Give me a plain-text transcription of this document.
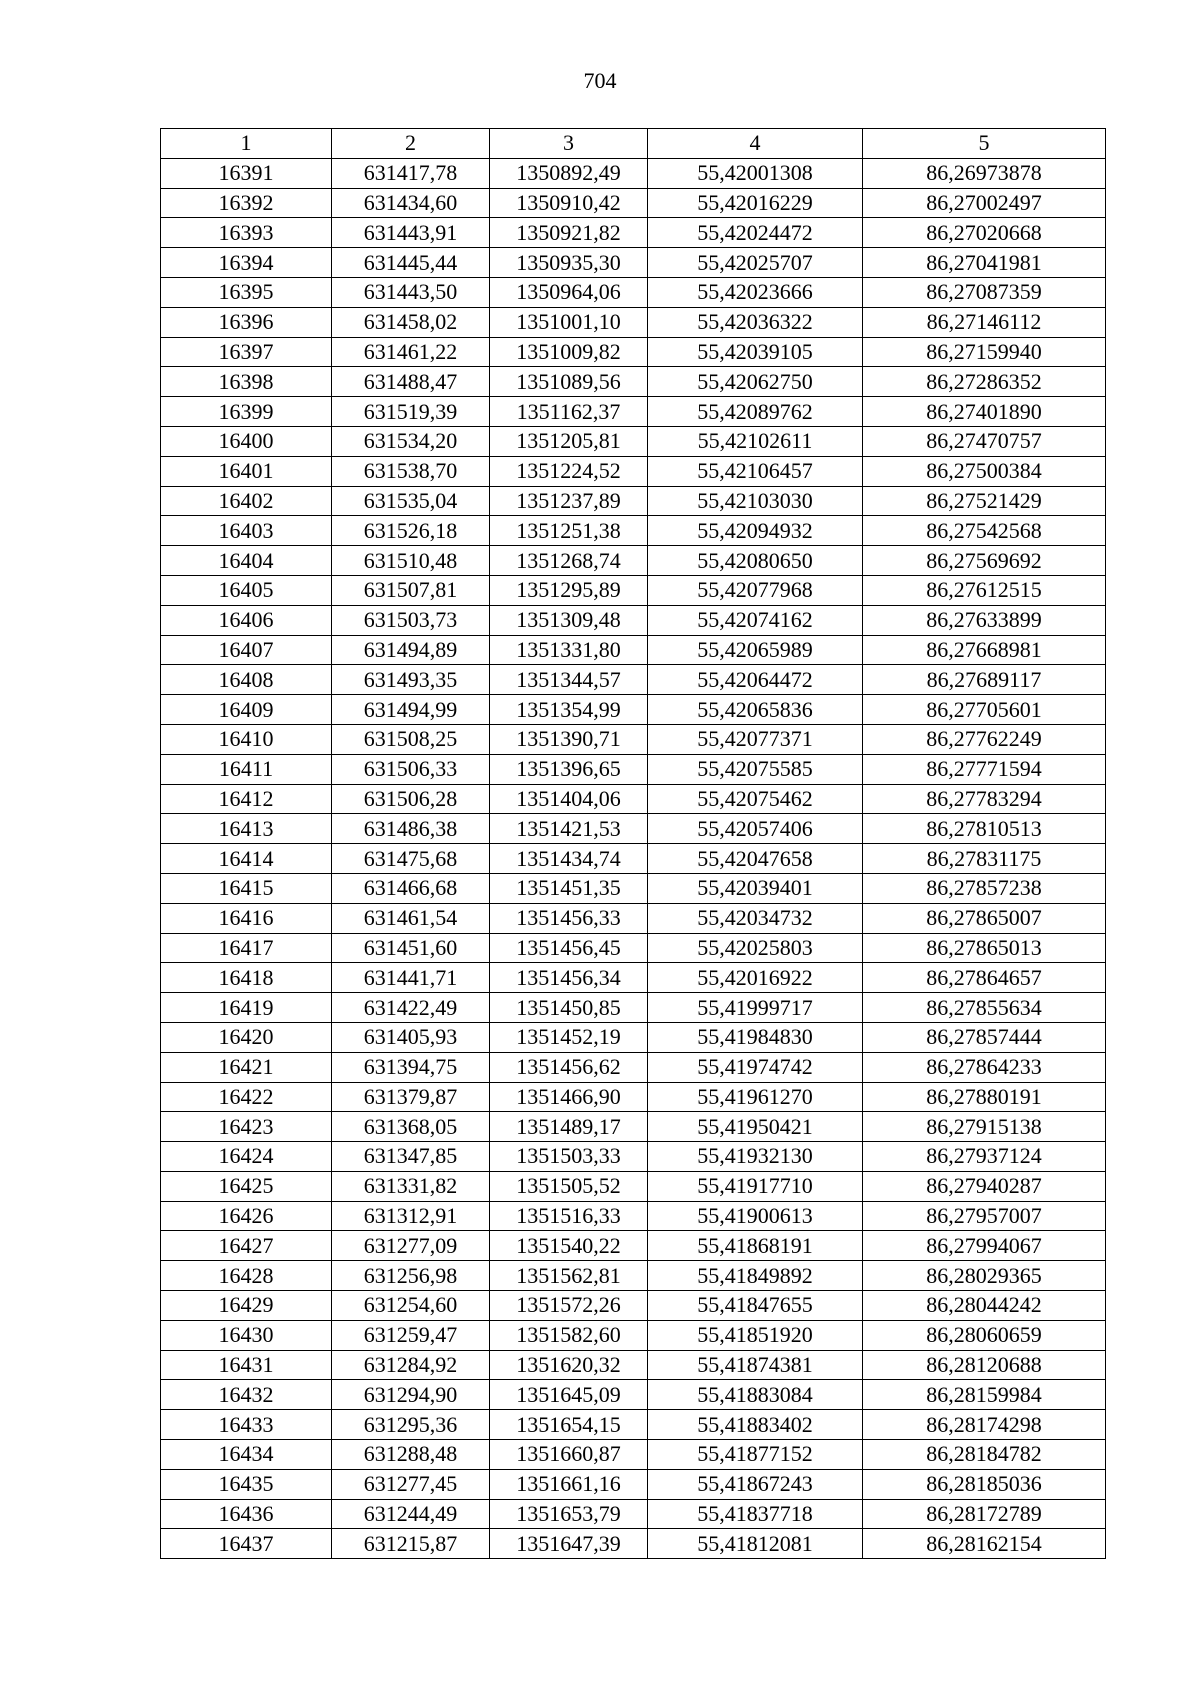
704
1	2	3	4	5
16391	631417,78	1350892,49	55,42001308	86,26973878
16392	631434,60	1350910,42	55,42016229	86,27002497
16393	631443,91	1350921,82	55,42024472	86,27020668
16394	631445,44	1350935,30	55,42025707	86,27041981
16395	631443,50	1350964,06	55,42023666	86,27087359
16396	631458,02	1351001,10	55,42036322	86,27146112
16397	631461,22	1351009,82	55,42039105	86,27159940
16398	631488,47	1351089,56	55,42062750	86,27286352
16399	631519,39	1351162,37	55,42089762	86,27401890
16400	631534,20	1351205,81	55,42102611	86,27470757
16401	631538,70	1351224,52	55,42106457	86,27500384
16402	631535,04	1351237,89	55,42103030	86,27521429
16403	631526,18	1351251,38	55,42094932	86,27542568
16404	631510,48	1351268,74	55,42080650	86,27569692
16405	631507,81	1351295,89	55,42077968	86,27612515
16406	631503,73	1351309,48	55,42074162	86,27633899
16407	631494,89	1351331,80	55,42065989	86,27668981
16408	631493,35	1351344,57	55,42064472	86,27689117
16409	631494,99	1351354,99	55,42065836	86,27705601
16410	631508,25	1351390,71	55,42077371	86,27762249
16411	631506,33	1351396,65	55,42075585	86,27771594
16412	631506,28	1351404,06	55,42075462	86,27783294
16413	631486,38	1351421,53	55,42057406	86,27810513
16414	631475,68	1351434,74	55,42047658	86,27831175
16415	631466,68	1351451,35	55,42039401	86,27857238
16416	631461,54	1351456,33	55,42034732	86,27865007
16417	631451,60	1351456,45	55,42025803	86,27865013
16418	631441,71	1351456,34	55,42016922	86,27864657
16419	631422,49	1351450,85	55,41999717	86,27855634
16420	631405,93	1351452,19	55,41984830	86,27857444
16421	631394,75	1351456,62	55,41974742	86,27864233
16422	631379,87	1351466,90	55,41961270	86,27880191
16423	631368,05	1351489,17	55,41950421	86,27915138
16424	631347,85	1351503,33	55,41932130	86,27937124
16425	631331,82	1351505,52	55,41917710	86,27940287
16426	631312,91	1351516,33	55,41900613	86,27957007
16427	631277,09	1351540,22	55,41868191	86,27994067
16428	631256,98	1351562,81	55,41849892	86,28029365
16429	631254,60	1351572,26	55,41847655	86,28044242
16430	631259,47	1351582,60	55,41851920	86,28060659
16431	631284,92	1351620,32	55,41874381	86,28120688
16432	631294,90	1351645,09	55,41883084	86,28159984
16433	631295,36	1351654,15	55,41883402	86,28174298
16434	631288,48	1351660,87	55,41877152	86,28184782
16435	631277,45	1351661,16	55,41867243	86,28185036
16436	631244,49	1351653,79	55,41837718	86,28172789
16437	631215,87	1351647,39	55,41812081	86,28162154
